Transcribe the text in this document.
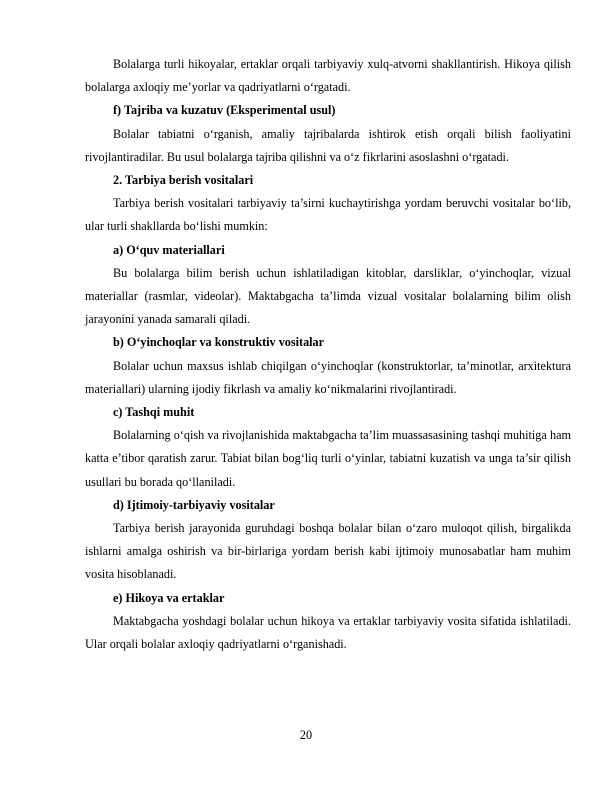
Bolalarga turli hikoyalar, ertaklar orqali tarbiyaviy xulq-atvorni shakllantirish. Hikoya qilish bolalarga axloqiy me’yorlar va qadriyatlarni o‘rgatadi.

f) Tajriba va kuzatuv (Eksperimental usul)

Bolalar tabiatni o‘rganish, amaliy tajribalarda ishtirok etish orqali bilish faoliyatini rivojlantiradilar. Bu usul bolalarga tajriba qilishni va o‘z fikrlarini asoslashni o‘rgatadi.

2. Tarbiya berish vositalari

Tarbiya berish vositalari tarbiyaviy ta’sirni kuchaytirishga yordam beruvchi vositalar bo‘lib, ular turli shakllarda bo‘lishi mumkin:

a) O‘quv materiallari

Bu bolalarga bilim berish uchun ishlatiladigan kitoblar, darsliklar, o‘yinchoqlar, vizual materiallar (rasmlar, videolar). Maktabgacha ta’limda vizual vositalar bolalarning bilim olish jarayonini yanada samarali qiladi.

b) O‘yinchoqlar va konstruktiv vositalar

Bolalar uchun maxsus ishlab chiqilgan o‘yinchoqlar (konstruktorlar, ta’minotlar, arxitektura materiallari) ularning ijodiy fikrlash va amaliy ko‘nikmalarini rivojlantiradi.

c) Tashqi muhit

Bolalarning o‘qish va rivojlanishida maktabgacha ta’lim muassasasining tashqi muhitiga ham katta e’tibor qaratish zarur. Tabiat bilan bog‘liq turli o‘yinlar, tabiatni kuzatish va unga ta’sir qilish usullari bu borada qo‘llaniladi.

d) Ijtimoiy-tarbiyaviy vositalar

Tarbiya berish jarayonida guruhdagi boshqa bolalar bilan o‘zaro muloqot qilish, birgalikda ishlarni amalga oshirish va bir-birlariga yordam berish kabi ijtimoiy munosabatlar ham muhim vosita hisoblanadi.

e) Hikoya va ertaklar

Maktabgacha yoshdagi bolalar uchun hikoya va ertaklar tarbiyaviy vosita sifatida ishlatiladi. Ular orqali bolalar axloqiy qadriyatlarni o‘rganishadi.

20
